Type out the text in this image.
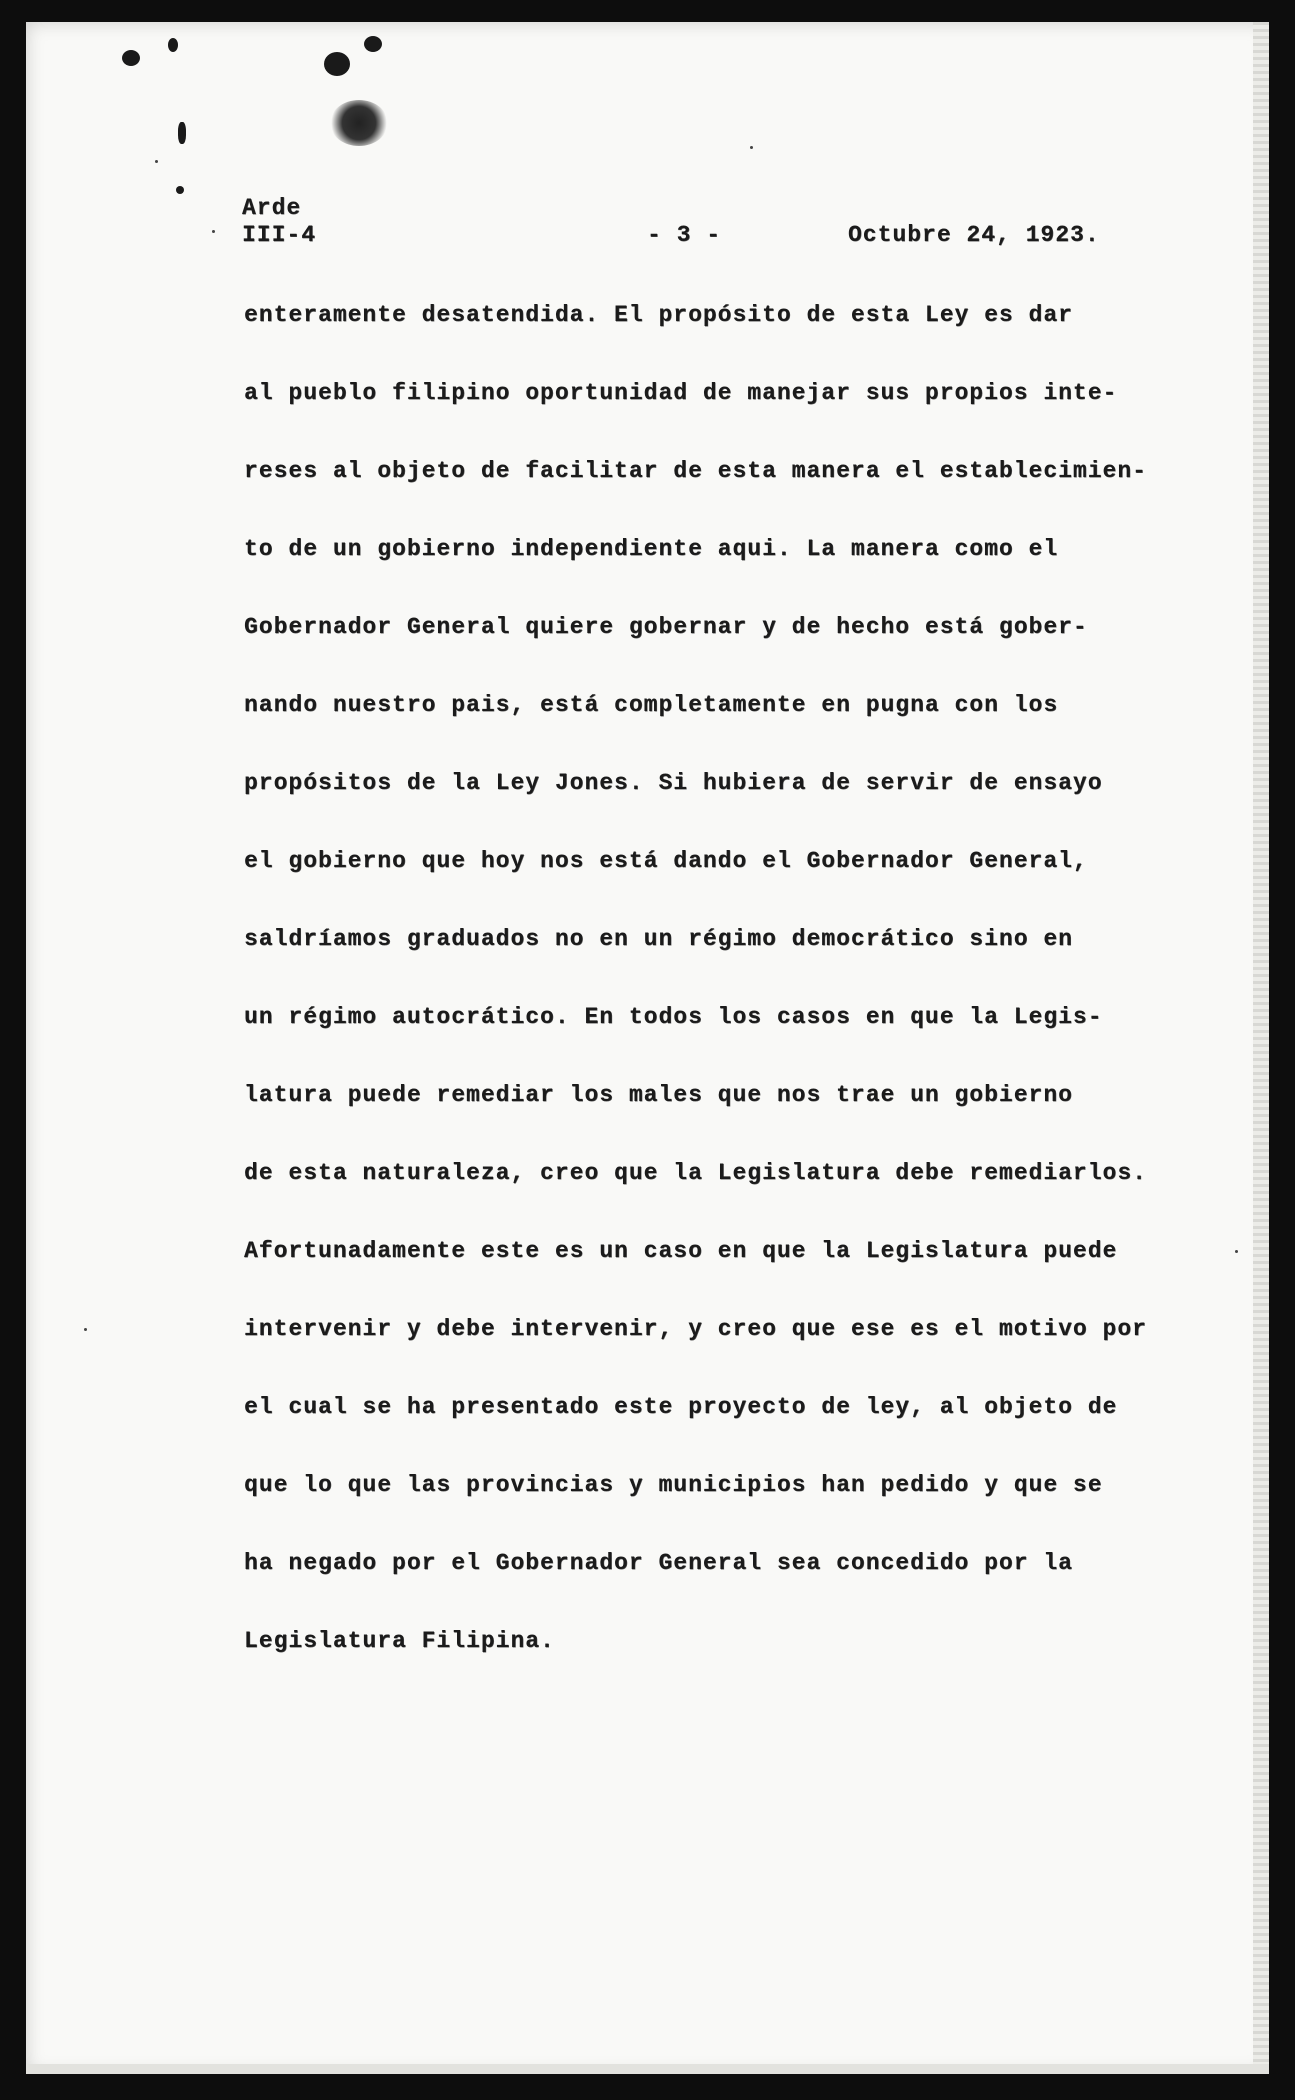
Arde
III-4	- 3 -	Octubre 24, 1923.
enteramente desatendida. El propósito de esta Ley es dar
al pueblo filipino oportunidad de manejar sus propios inte-
reses al objeto de facilitar de esta manera el establecimien-
to de un gobierno independiente aqui. La manera como el
Gobernador General quiere gobernar y de hecho está gober-
nando nuestro pais, está completamente en pugna con los
propósitos de la Ley Jones. Si hubiera de servir de ensayo
el gobierno que hoy nos está dando el Gobernador General,
saldríamos graduados no en un régimo democrático sino en
un régimo autocrático. En todos los casos en que la Legis-
latura puede remediar los males que nos trae un gobierno
de esta naturaleza, creo que la Legislatura debe remediarlos.
Afortunadamente este es un caso en que la Legislatura puede
intervenir y debe intervenir, y creo que ese es el motivo por
el cual se ha presentado este proyecto de ley, al objeto de
que lo que las provincias y municipios han pedido y que se
ha negado por el Gobernador General sea concedido por la
Legislatura Filipina.
